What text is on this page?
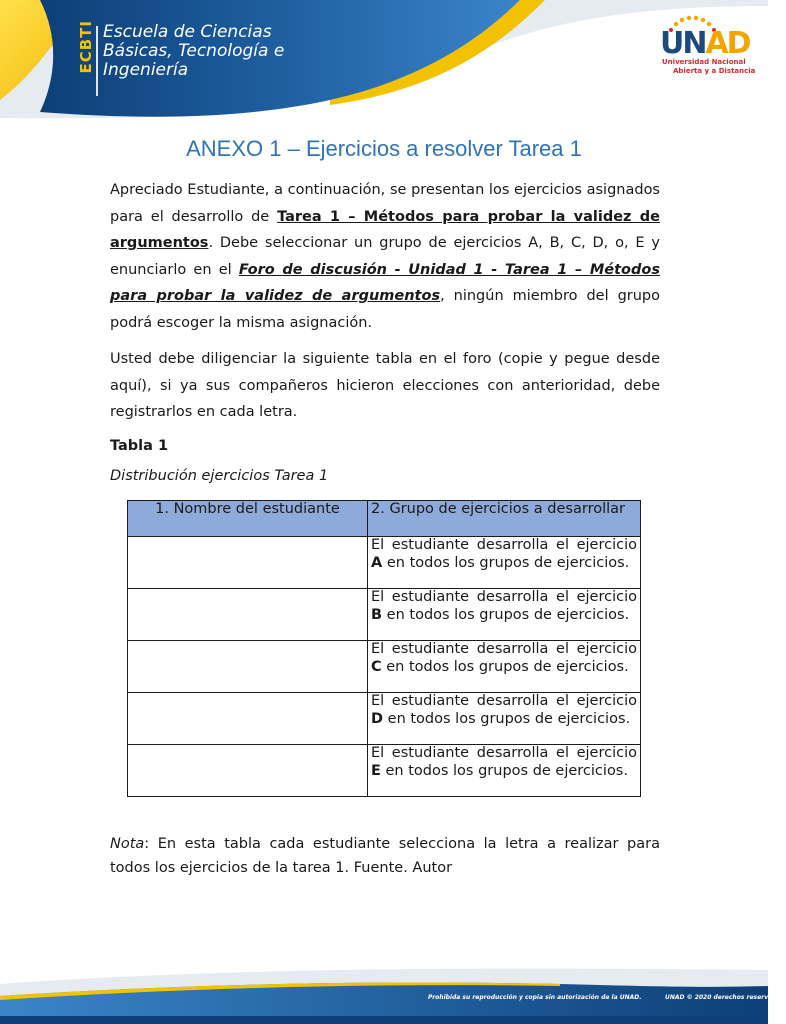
ECBTI Escuela de Ciencias
Básicas, Tecnología e
Ingeniería
UNAD
Universidad Nacional
Abierta y a Distancia
ANEXO 1 – Ejercicios a resolver Tarea 1
Apreciado Estudiante, a continuación, se presentan los ejercicios asignados para el desarrollo de Tarea 1 – Métodos para probar la validez de argumentos. Debe seleccionar un grupo de ejercicios A, B, C, D, o, E y enunciarlo en el Foro de discusión - Unidad 1 - Tarea 1 – Métodos para probar la validez de argumentos, ningún miembro del grupo podrá escoger la misma asignación.
Usted debe diligenciar la siguiente tabla en el foro (copie y pegue desde aquí), si ya sus compañeros hicieron elecciones con anterioridad, debe registrarlos en cada letra.
Tabla 1
Distribución ejercicios Tarea 1
1. Nombre del estudiante	2. Grupo de ejercicios a desarrollar
	El estudiante desarrolla el ejercicio A en todos los grupos de ejercicios.
	El estudiante desarrolla el ejercicio B en todos los grupos de ejercicios.
	El estudiante desarrolla el ejercicio C en todos los grupos de ejercicios.
	El estudiante desarrolla el ejercicio D en todos los grupos de ejercicios.
	El estudiante desarrolla el ejercicio E en todos los grupos de ejercicios.
Nota: En esta tabla cada estudiante selecciona la letra a realizar para todos los ejercicios de la tarea 1. Fuente. Autor
Prohibida su reproducción y copia sin autorización de la UNAD.	UNAD © 2020 derechos reservados.
